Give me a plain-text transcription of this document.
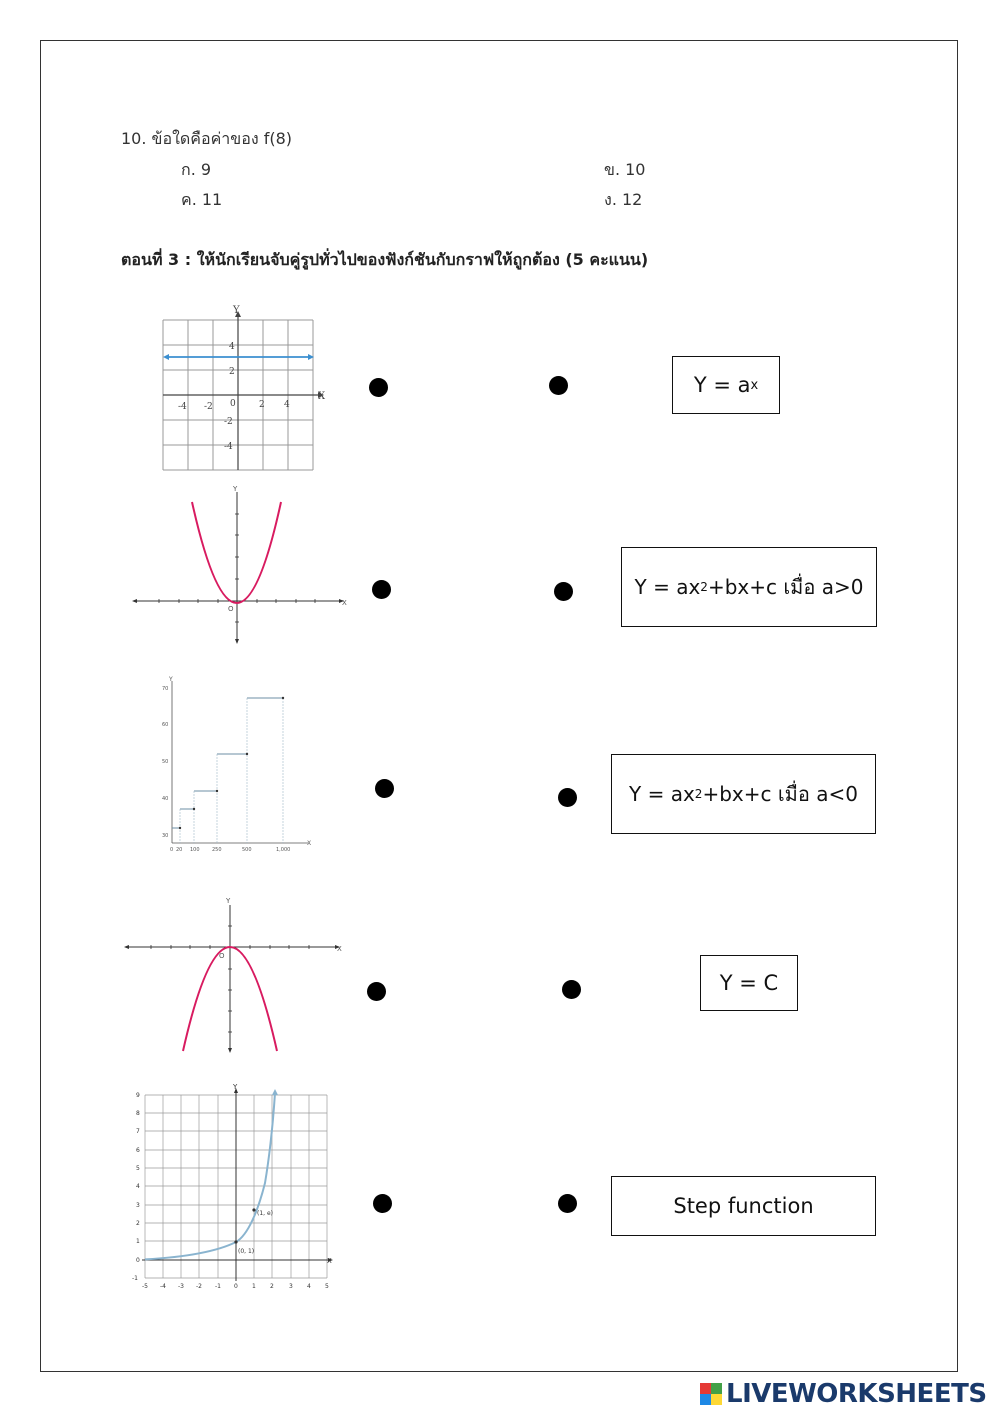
10. ข้อใดคือค่าของ f(8)
ก. 9	ข. 10
ค. 11	ง. 12
ตอนที่ 3 : ให้นักเรียนจับคู่รูปทั่วไปของฟังก์ชันกับกราฟให้ถูกต้อง (5 คะแนน)
X
Y
-4 -2 0	2 4
4
2
-2
-4
X
Y
O
Y
X
30
40
50
60
70
0 20 100 250	500	1,000
X
Y
O
X
Y
-5 -4 -3 -2 -1 0 1 2	3 4 5
9
8
7
6
5
4
3
2
1
0
-1
(0, 1)
(1, e)
Y = a x
Y = ax 2 +bx+c เมื่อ a>0
Y = ax 2 +bx+c เมื่อ a<0
Y = C
Step function
LIVEWORKSHEETS
